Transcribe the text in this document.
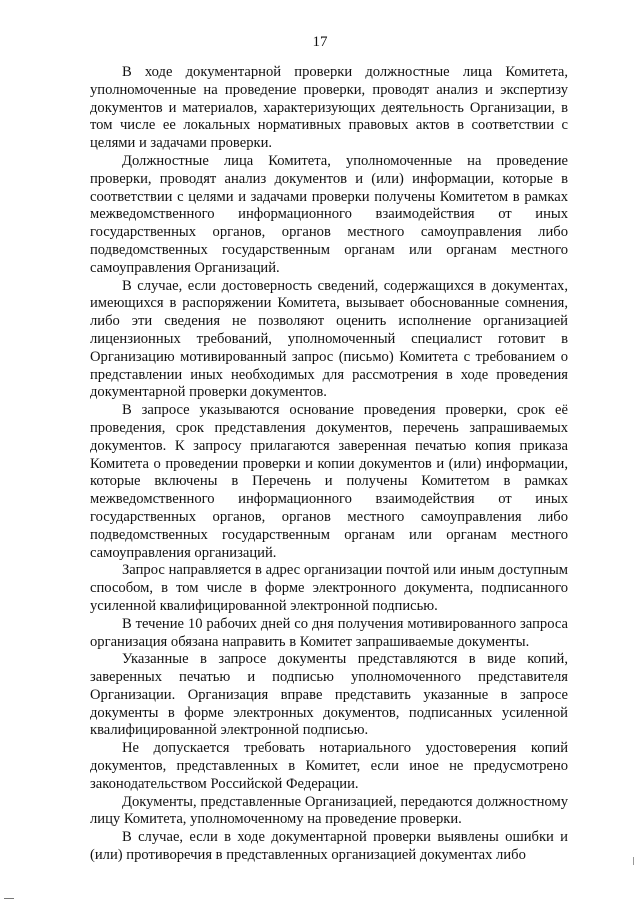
17

В ходе документарной проверки должностные лица Комитета, уполномоченные на проведение проверки, проводят анализ и экспертизу документов и материалов, характеризующих деятельность Организации, в том числе ее локальных нормативных правовых актов в соответствии с целями и задачами проверки.

Должностные лица Комитета, уполномоченные на проведение проверки, проводят анализ документов и (или) информации, которые в соответствии с целями и задачами проверки получены Комитетом в рамках межведомственного информационного взаимодействия от иных государственных органов, органов местного самоуправления либо подведомственных государственным органам или органам местного самоуправления Организаций.

В случае, если достоверность сведений, содержащихся в документах, имеющихся в распоряжении Комитета, вызывает обоснованные сомнения, либо эти сведения не позволяют оценить исполнение организацией лицензионных требований, уполномоченный специалист готовит в Организацию мотивированный запрос (письмо) Комитета с требованием о представлении иных необходимых для рассмотрения в ходе проведения документарной проверки документов.

В запросе указываются основание проведения проверки, срок её проведения, срок представления документов, перечень запрашиваемых документов. К запросу прилагаются заверенная печатью копия приказа Комитета о проведении проверки и копии документов и (или) информации, которые включены в Перечень и получены Комитетом в рамках межведомственного информационного взаимодействия от иных государственных органов, органов местного самоуправления либо подведомственных государственным органам или органам местного самоуправления организаций.

Запрос направляется в адрес организации почтой или иным доступным способом, в том числе в форме электронного документа, подписанного усиленной квалифицированной электронной подписью.

В течение 10 рабочих дней со дня получения мотивированного запроса организация обязана направить в Комитет запрашиваемые документы.

Указанные в запросе документы представляются в виде копий, заверенных печатью и подписью уполномоченного представителя Организации. Организация вправе представить указанные в запросе документы в форме электронных документов, подписанных усиленной квалифицированной электронной подписью.

Не допускается требовать нотариального удостоверения копий документов, представленных в Комитет, если иное не предусмотрено законодательством Российской Федерации.

Документы, представленные Организацией, передаются должностному лицу Комитета, уполномоченному на проведение проверки.

В случае, если в ходе документарной проверки выявлены ошибки и (или) противоречия в представленных организацией документах либо
